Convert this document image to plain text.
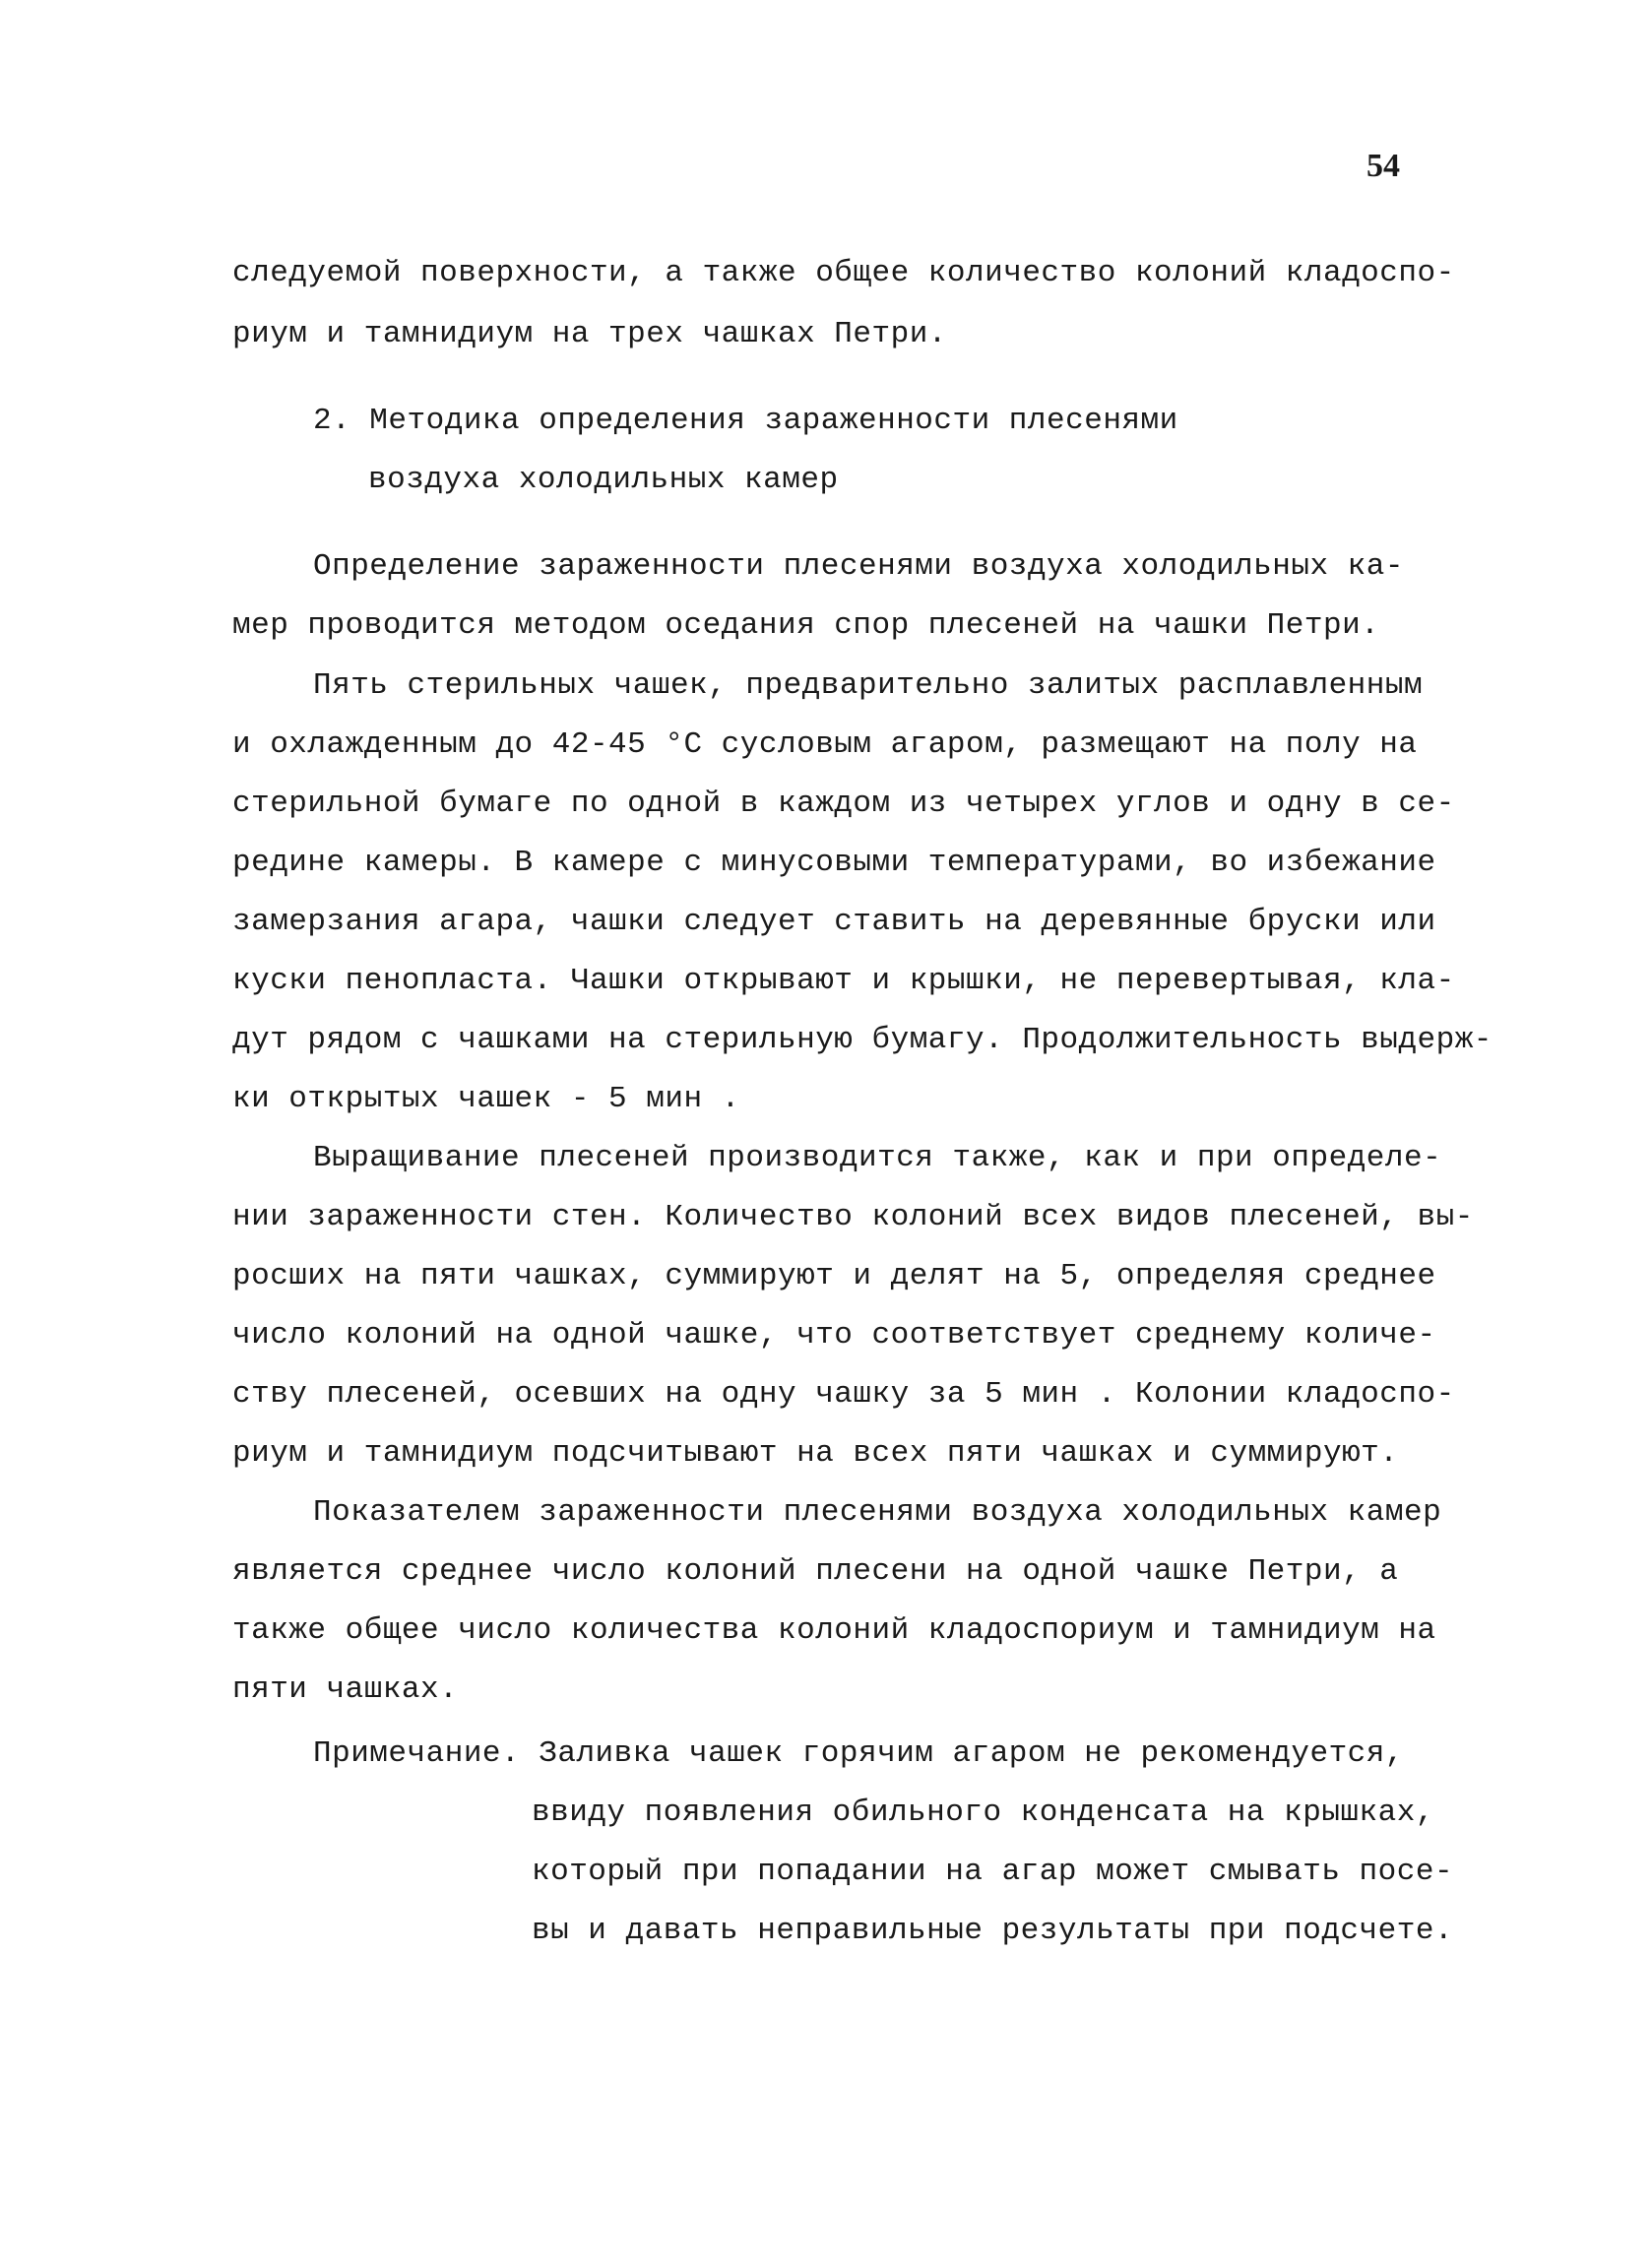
54
следуемой поверхности, а также общее количество колоний кладоспо-
риум и тамнидиум на трех чашках Петри.
2. Методика определения зараженности плесенями
воздуха холодильных камер
Определение зараженности плесенями воздуха холодильных ка-
мер проводится методом оседания спор плесеней на чашки Петри.
Пять стерильных чашек, предварительно залитых расплавленным
и охлажденным до 42-45 °C сусловым агаром, размещают на полу на
стерильной бумаге по одной в каждом из четырех углов и одну в се-
редине камеры. В камере с минусовыми температурами, во избежание
замерзания агара, чашки следует ставить на деревянные бруски или
куски пенопласта. Чашки открывают и крышки, не перевертывая, кла-
дут рядом с чашками на стерильную бумагу. Продолжительность выдерж-
ки открытых чашек - 5 мин .
Выращивание плесеней производится также, как и при определе-
нии зараженности стен. Количество колоний всех видов плесеней, вы-
росших на пяти чашках, суммируют и делят на 5, определяя среднее
число колоний на одной чашке, что соответствует среднему количе-
ству плесеней, осевших на одну чашку за 5 мин . Колонии кладоспо-
риум и тамнидиум подсчитывают на всех пяти чашках и суммируют.
Показателем зараженности плесенями воздуха холодильных камер
является среднее число колоний плесени на одной чашке Петри, а
также общее число количества колоний кладоспориум и тамнидиум на
пяти чашках.
Примечание. Заливка чашек горячим агаром не рекомендуется,
ввиду появления обильного конденсата на крышках,
который при попадании на агар может смывать посе-
вы и давать неправильные результаты при подсчете.
